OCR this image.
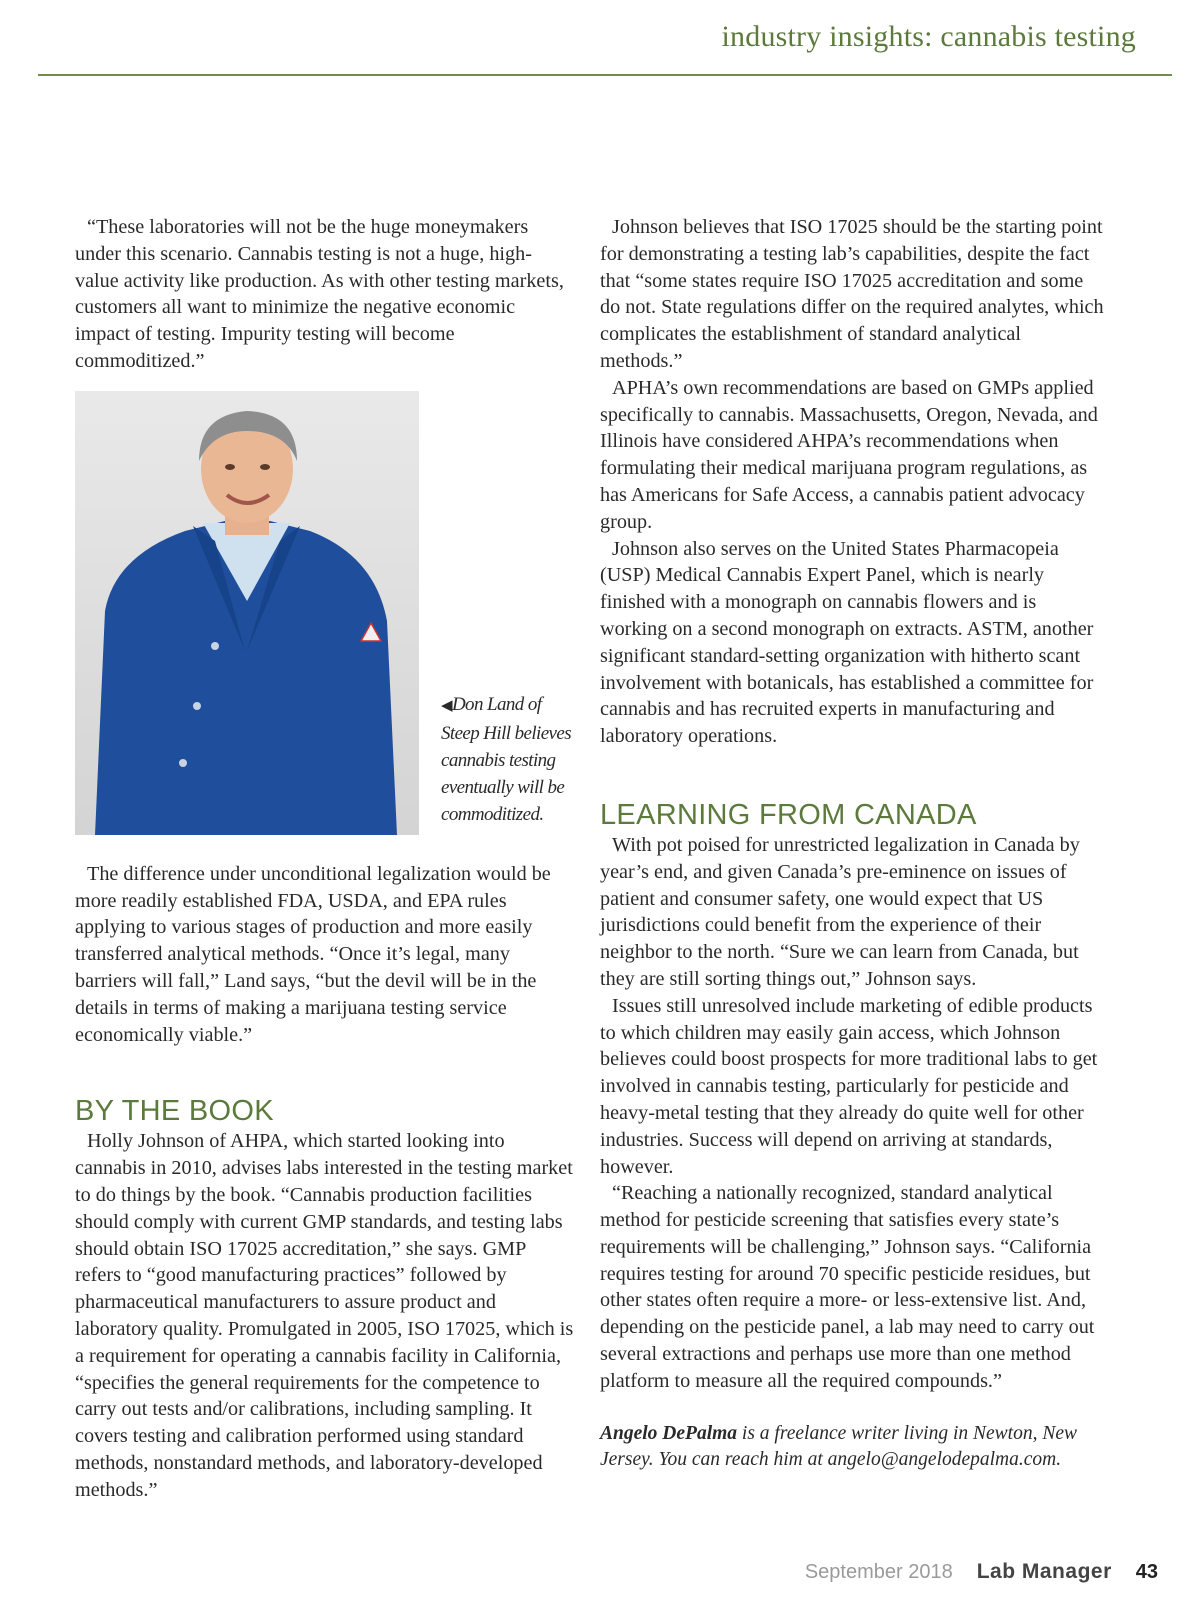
industry insights: cannabis testing

“These laboratories will not be the huge moneymakers under this scenario. Cannabis testing is not a huge, high-value activity like production. As with other testing markets, customers all want to minimize the negative economic impact of testing. Impurity testing will become commoditized.”

◀Don Land of Steep Hill believes cannabis testing eventually will be commoditized.

The difference under unconditional legalization would be more readily established FDA, USDA, and EPA rules applying to various stages of production and more easily transferred analytical methods. “Once it’s legal, many barriers will fall,” Land says, “but the devil will be in the details in terms of making a marijuana testing service economically viable.”

BY THE BOOK

Holly Johnson of AHPA, which started looking into cannabis in 2010, advises labs interested in the testing market to do things by the book. “Cannabis production facilities should comply with current GMP standards, and testing labs should obtain ISO 17025 accreditation,” she says. GMP refers to “good manufacturing practices” followed by pharmaceutical manufacturers to assure product and laboratory quality. Promulgated in 2005, ISO 17025, which is a requirement for operating a cannabis facility in California, “specifies the general requirements for the competence to carry out tests and/or calibrations, including sampling. It covers testing and calibration performed using standard methods, nonstandard methods, and laboratory-developed methods.”

Johnson believes that ISO 17025 should be the starting point for demonstrating a testing lab’s capabilities, despite the fact that “some states require ISO 17025 accreditation and some do not. State regulations differ on the required analytes, which complicates the establishment of standard analytical methods.”

APHA’s own recommendations are based on GMPs applied specifically to cannabis. Massachusetts, Oregon, Nevada, and Illinois have considered AHPA’s recommendations when formulating their medical marijuana program regulations, as has Americans for Safe Access, a cannabis patient advocacy group.

Johnson also serves on the United States Pharmacopeia (USP) Medical Cannabis Expert Panel, which is nearly finished with a monograph on cannabis flowers and is working on a second monograph on extracts. ASTM, another significant standard-setting organization with hitherto scant involvement with botanicals, has established a committee for cannabis and has recruited experts in manufacturing and laboratory operations.

LEARNING FROM CANADA

With pot poised for unrestricted legalization in Canada by year’s end, and given Canada’s pre-eminence on issues of patient and consumer safety, one would expect that US jurisdictions could benefit from the experience of their neighbor to the north. “Sure we can learn from Canada, but they are still sorting things out,” Johnson says.

Issues still unresolved include marketing of edible products to which children may easily gain access, which Johnson believes could boost prospects for more traditional labs to get involved in cannabis testing, particularly for pesticide and heavy-metal testing that they already do quite well for other industries. Success will depend on arriving at standards, however.

“Reaching a nationally recognized, standard analytical method for pesticide screening that satisfies every state’s requirements will be challenging,” Johnson says. “California requires testing for around 70 specific pesticide residues, but other states often require a more- or less-extensive list. And, depending on the pesticide panel, a lab may need to carry out several extractions and perhaps use more than one method platform to measure all the required compounds.”

Angelo DePalma is a freelance writer living in Newton, New Jersey. You can reach him at angelo@angelodepalma.com.
September 2018 Lab Manager 43
